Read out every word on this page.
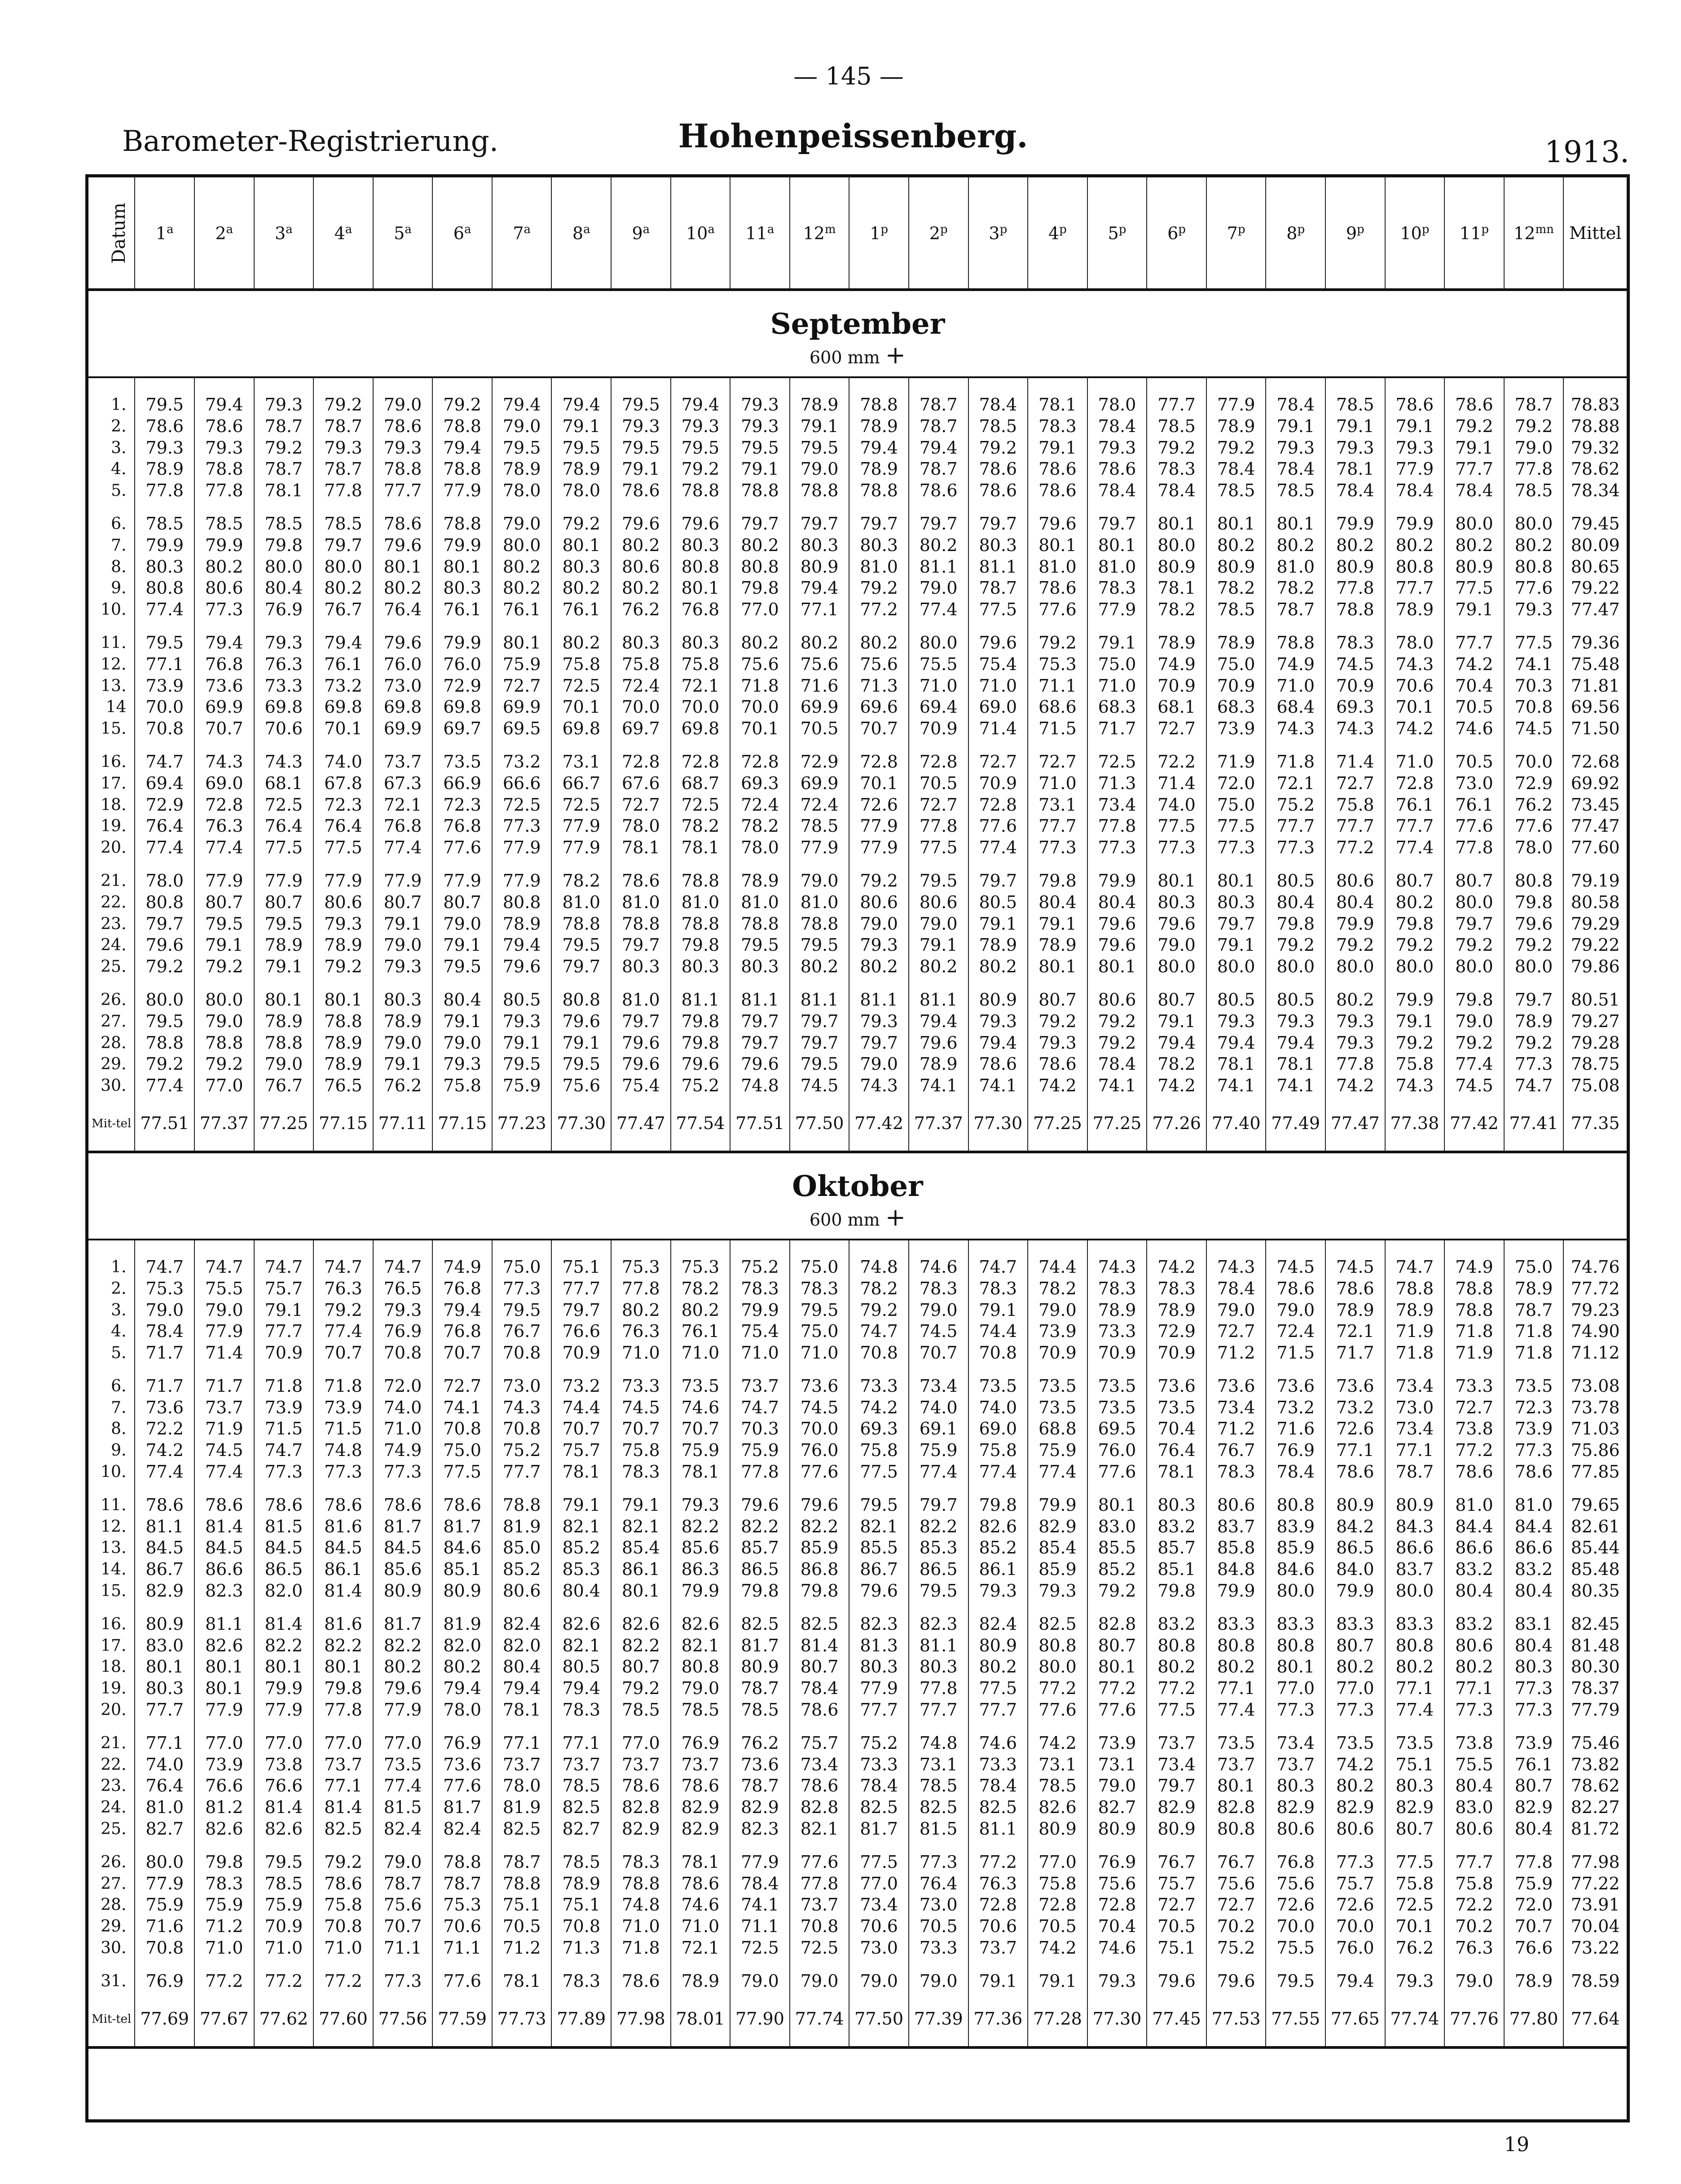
— 145 —
Barometer-Registrierung.	Hohenpeissenberg.	1913.
Datum	1$^a$	2$^a$	3$^a$	4$^a$	5$^a$	6$^a$	7$^a$	8$^a$	9$^a$	10$^a$	11$^a$	12$^m$	1$^p$	2$^p$	3$^p$	4$^p$	5$^p$	6$^p$	7$^p$	8$^p$	9$^p$	10$^p$	11$^p$	$12^{mn}$	Mittel

September
600 mm +																									

1.	79.5	79.4	79.3	79.2	79.0	79.2	79.4	79.4	79.5	79.4	79.3	78.9	78.8	78.7	78.4	78.1	78.0	77.7	77.9	78.4	78.5	78.6	78.6	78.7	78.83
2.	78.6	78.6	78.7	78.7	78.6	78.8	79.0	79.1	79.3	79.3	79.3	79.1	78.9	78.7	78.5	78.3	78.4	78.5	78.9	79.1	79.1	79.1	79.2	79.2	78.88
3.	79.3	79.3	79.2	79.3	79.3	79.4	79.5	79.5	79.5	79.5	79.5	79.5	79.4	79.4	79.2	79.1	79.3	79.2	79.2	79.3	79.3	79.3	79.1	79.0	79.32
4.	78.9	78.8	78.7	78.7	78.8	78.8	78.9	78.9	79.1	79.2	79.1	79.0	78.9	78.7	78.6	78.6	78.6	78.3	78.4	78.4	78.1	77.9	77.7	77.8	78.62
5.	77.8	77.8	78.1	77.8	77.7	77.9	78.0	78.0	78.6	78.8	78.8	78.8	78.8	78.6	78.6	78.6	78.4	78.4	78.5	78.5	78.4	78.4	78.4	78.5	78.34
6.	78.5	78.5	78.5	78.5	78.6	78.8	79.0	79.2	79.6	79.6	79.7	79.7	79.7	79.7	79.7	79.6	79.7	80.1	80.1	80.1	79.9	79.9	80.0	80.0	79.45
7.	79.9	79.9	79.8	79.7	79.6	79.9	80.0	80.1	80.2	80.3	80.2	80.3	80.3	80.2	80.3	80.1	80.1	80.0	80.2	80.2	80.2	80.2	80.2	80.2	80.09
8.	80.3	80.2	80.0	80.0	80.1	80.1	80.2	80.3	80.6	80.8	80.8	80.9	81.0	81.1	81.1	81.0	81.0	80.9	80.9	81.0	80.9	80.8	80.9	80.8	80.65
9.	80.8	80.6	80.4	80.2	80.2	80.3	80.2	80.2	80.2	80.1	79.8	79.4	79.2	79.0	78.7	78.6	78.3	78.1	78.2	78.2	77.8	77.7	77.5	77.6	79.22
10.	77.4	77.3	76.9	76.7	76.4	76.1	76.1	76.1	76.2	76.8	77.0	77.1	77.2	77.4	77.5	77.6	77.9	78.2	78.5	78.7	78.8	78.9	79.1	79.3	77.47
11.	79.5	79.4	79.3	79.4	79.6	79.9	80.1	80.2	80.3	80.3	80.2	80.2	80.2	80.0	79.6	79.2	79.1	78.9	78.9	78.8	78.3	78.0	77.7	77.5	79.36
12.	77.1	76.8	76.3	76.1	76.0	76.0	75.9	75.8	75.8	75.8	75.6	75.6	75.6	75.5	75.4	75.3	75.0	74.9	75.0	74.9	74.5	74.3	74.2	74.1	75.48
13.	73.9	73.6	73.3	73.2	73.0	72.9	72.7	72.5	72.4	72.1	71.8	71.6	71.3	71.0	71.0	71.1	71.0	70.9	70.9	71.0	70.9	70.6	70.4	70.3	71.81
14	70.0	69.9	69.8	69.8	69.8	69.8	69.9	70.1	70.0	70.0	70.0	69.9	69.6	69.4	69.0	68.6	68.3	68.1	68.3	68.4	69.3	70.1	70.5	70.8	69.56
15.	70.8	70.7	70.6	70.1	69.9	69.7	69.5	69.8	69.7	69.8	70.1	70.5	70.7	70.9	71.4	71.5	71.7	72.7	73.9	74.3	74.3	74.2	74.6	74.5	71.50
16.	74.7	74.3	74.3	74.0	73.7	73.5	73.2	73.1	72.8	72.8	72.8	72.9	72.8	72.8	72.7	72.7	72.5	72.2	71.9	71.8	71.4	71.0	70.5	70.0	72.68
17.	69.4	69.0	68.1	67.8	67.3	66.9	66.6	66.7	67.6	68.7	69.3	69.9	70.1	70.5	70.9	71.0	71.3	71.4	72.0	72.1	72.7	72.8	73.0	72.9	69.92
18.	72.9	72.8	72.5	72.3	72.1	72.3	72.5	72.5	72.7	72.5	72.4	72.4	72.6	72.7	72.8	73.1	73.4	74.0	75.0	75.2	75.8	76.1	76.1	76.2	73.45
19.	76.4	76.3	76.4	76.4	76.8	76.8	77.3	77.9	78.0	78.2	78.2	78.5	77.9	77.8	77.6	77.7	77.8	77.5	77.5	77.7	77.7	77.7	77.6	77.6	77.47
20.	77.4	77.4	77.5	77.5	77.4	77.6	77.9	77.9	78.1	78.1	78.0	77.9	77.9	77.5	77.4	77.3	77.3	77.3	77.3	77.3	77.2	77.4	77.8	78.0	77.60
21.	78.0	77.9	77.9	77.9	77.9	77.9	77.9	78.2	78.6	78.8	78.9	79.0	79.2	79.5	79.7	79.8	79.9	80.1	80.1	80.5	80.6	80.7	80.7	80.8	79.19
22.	80.8	80.7	80.7	80.6	80.7	80.7	80.8	81.0	81.0	81.0	81.0	81.0	80.6	80.6	80.5	80.4	80.4	80.3	80.3	80.4	80.4	80.2	80.0	79.8	80.58
23.	79.7	79.5	79.5	79.3	79.1	79.0	78.9	78.8	78.8	78.8	78.8	78.8	79.0	79.0	79.1	79.1	79.6	79.6	79.7	79.8	79.9	79.8	79.7	79.6	79.29
24.	79.6	79.1	78.9	78.9	79.0	79.1	79.4	79.5	79.7	79.8	79.5	79.5	79.3	79.1	78.9	78.9	79.6	79.0	79.1	79.2	79.2	79.2	79.2	79.2	79.22
25.	79.2	79.2	79.1	79.2	79.3	79.5	79.6	79.7	80.3	80.3	80.3	80.2	80.2	80.2	80.2	80.1	80.1	80.0	80.0	80.0	80.0	80.0	80.0	80.0	79.86
26.	80.0	80.0	80.1	80.1	80.3	80.4	80.5	80.8	81.0	81.1	81.1	81.1	81.1	81.1	80.9	80.7	80.6	80.7	80.5	80.5	80.2	79.9	79.8	79.7	80.51
27.	79.5	79.0	78.9	78.8	78.9	79.1	79.3	79.6	79.7	79.8	79.7	79.7	79.3	79.4	79.3	79.2	79.2	79.1	79.3	79.3	79.3	79.1	79.0	78.9	79.27
28.	78.8	78.8	78.8	78.9	79.0	79.0	79.1	79.1	79.6	79.8	79.7	79.7	79.7	79.6	79.4	79.3	79.2	79.4	79.4	79.4	79.3	79.2	79.2	79.2	79.28
29.	79.2	79.2	79.0	78.9	79.1	79.3	79.5	79.5	79.6	79.6	79.6	79.5	79.0	78.9	78.6	78.6	78.4	78.2	78.1	78.1	77.8	75.8	77.4	77.3	78.75
30.	77.4	77.0	76.7	76.5	76.2	75.8	75.9	75.6	75.4	75.2	74.8	74.5	74.3	74.1	74.1	74.2	74.1	74.2	74.1	74.1	74.2	74.3	74.5	74.7	75.08
Mit-tel	77.51	77.37	77.25	77.15	77.11	77.15	77.23	77.30	77.47	77.54	77.51	77.50	77.42	77.37	77.30	77.25	77.25	77.26	77.40	77.49	77.47	77.38	77.42	77.41	77.35

Oktober
600 mm +																									

1.	74.7	74.7	74.7	74.7	74.7	74.9	75.0	75.1	75.3	75.3	75.2	75.0	74.8	74.6	74.7	74.4	74.3	74.2	74.3	74.5	74.5	74.7	74.9	75.0	74.76
2.	75.3	75.5	75.7	76.3	76.5	76.8	77.3	77.7	77.8	78.2	78.3	78.3	78.2	78.3	78.3	78.2	78.3	78.3	78.4	78.6	78.6	78.8	78.8	78.9	77.72
3.	79.0	79.0	79.1	79.2	79.3	79.4	79.5	79.7	80.2	80.2	79.9	79.5	79.2	79.0	79.1	79.0	78.9	78.9	79.0	79.0	78.9	78.9	78.8	78.7	79.23
4.	78.4	77.9	77.7	77.4	76.9	76.8	76.7	76.6	76.3	76.1	75.4	75.0	74.7	74.5	74.4	73.9	73.3	72.9	72.7	72.4	72.1	71.9	71.8	71.8	74.90
5.	71.7	71.4	70.9	70.7	70.8	70.7	70.8	70.9	71.0	71.0	71.0	71.0	70.8	70.7	70.8	70.9	70.9	70.9	71.2	71.5	71.7	71.8	71.9	71.8	71.12
6.	71.7	71.7	71.8	71.8	72.0	72.7	73.0	73.2	73.3	73.5	73.7	73.6	73.3	73.4	73.5	73.5	73.5	73.6	73.6	73.6	73.6	73.4	73.3	73.5	73.08
7.	73.6	73.7	73.9	73.9	74.0	74.1	74.3	74.4	74.5	74.6	74.7	74.5	74.2	74.0	74.0	73.5	73.5	73.5	73.4	73.2	73.2	73.0	72.7	72.3	73.78
8.	72.2	71.9	71.5	71.5	71.0	70.8	70.8	70.7	70.7	70.7	70.3	70.0	69.3	69.1	69.0	68.8	69.5	70.4	71.2	71.6	72.6	73.4	73.8	73.9	71.03
9.	74.2	74.5	74.7	74.8	74.9	75.0	75.2	75.7	75.8	75.9	75.9	76.0	75.8	75.9	75.8	75.9	76.0	76.4	76.7	76.9	77.1	77.1	77.2	77.3	75.86
10.	77.4	77.4	77.3	77.3	77.3	77.5	77.7	78.1	78.3	78.1	77.8	77.6	77.5	77.4	77.4	77.4	77.6	78.1	78.3	78.4	78.6	78.7	78.6	78.6	77.85
11.	78.6	78.6	78.6	78.6	78.6	78.6	78.8	79.1	79.1	79.3	79.6	79.6	79.5	79.7	79.8	79.9	80.1	80.3	80.6	80.8	80.9	80.9	81.0	81.0	79.65
12.	81.1	81.4	81.5	81.6	81.7	81.7	81.9	82.1	82.1	82.2	82.2	82.2	82.1	82.2	82.6	82.9	83.0	83.2	83.7	83.9	84.2	84.3	84.4	84.4	82.61
13.	84.5	84.5	84.5	84.5	84.5	84.6	85.0	85.2	85.4	85.6	85.7	85.9	85.5	85.3	85.2	85.4	85.5	85.7	85.8	85.9	86.5	86.6	86.6	86.6	85.44
14.	86.7	86.6	86.5	86.1	85.6	85.1	85.2	85.3	86.1	86.3	86.5	86.8	86.7	86.5	86.1	85.9	85.2	85.1	84.8	84.6	84.0	83.7	83.2	83.2	85.48
15.	82.9	82.3	82.0	81.4	80.9	80.9	80.6	80.4	80.1	79.9	79.8	79.8	79.6	79.5	79.3	79.3	79.2	79.8	79.9	80.0	79.9	80.0	80.4	80.4	80.35
16.	80.9	81.1	81.4	81.6	81.7	81.9	82.4	82.6	82.6	82.6	82.5	82.5	82.3	82.3	82.4	82.5	82.8	83.2	83.3	83.3	83.3	83.3	83.2	83.1	82.45
17.	83.0	82.6	82.2	82.2	82.2	82.0	82.0	82.1	82.2	82.1	81.7	81.4	81.3	81.1	80.9	80.8	80.7	80.8	80.8	80.8	80.7	80.8	80.6	80.4	81.48
18.	80.1	80.1	80.1	80.1	80.2	80.2	80.4	80.5	80.7	80.8	80.9	80.7	80.3	80.3	80.2	80.0	80.1	80.2	80.2	80.1	80.2	80.2	80.2	80.3	80.30
19.	80.3	80.1	79.9	79.8	79.6	79.4	79.4	79.4	79.2	79.0	78.7	78.4	77.9	77.8	77.5	77.2	77.2	77.2	77.1	77.0	77.0	77.1	77.1	77.3	78.37
20.	77.7	77.9	77.9	77.8	77.9	78.0	78.1	78.3	78.5	78.5	78.5	78.6	77.7	77.7	77.7	77.6	77.6	77.5	77.4	77.3	77.3	77.4	77.3	77.3	77.79
21.	77.1	77.0	77.0	77.0	77.0	76.9	77.1	77.1	77.0	76.9	76.2	75.7	75.2	74.8	74.6	74.2	73.9	73.7	73.5	73.4	73.5	73.5	73.8	73.9	75.46
22.	74.0	73.9	73.8	73.7	73.5	73.6	73.7	73.7	73.7	73.7	73.6	73.4	73.3	73.1	73.3	73.1	73.1	73.4	73.7	73.7	74.2	75.1	75.5	76.1	73.82
23.	76.4	76.6	76.6	77.1	77.4	77.6	78.0	78.5	78.6	78.6	78.7	78.6	78.4	78.5	78.4	78.5	79.0	79.7	80.1	80.3	80.2	80.3	80.4	80.7	78.62
24.	81.0	81.2	81.4	81.4	81.5	81.7	81.9	82.5	82.8	82.9	82.9	82.8	82.5	82.5	82.5	82.6	82.7	82.9	82.8	82.9	82.9	82.9	83.0	82.9	82.27
25.	82.7	82.6	82.6	82.5	82.4	82.4	82.5	82.7	82.9	82.9	82.3	82.1	81.7	81.5	81.1	80.9	80.9	80.9	80.8	80.6	80.6	80.7	80.6	80.4	81.72
26.	80.0	79.8	79.5	79.2	79.0	78.8	78.7	78.5	78.3	78.1	77.9	77.6	77.5	77.3	77.2	77.0	76.9	76.7	76.7	76.8	77.3	77.5	77.7	77.8	77.98
27.	77.9	78.3	78.5	78.6	78.7	78.7	78.8	78.9	78.8	78.6	78.4	77.8	77.0	76.4	76.3	75.8	75.6	75.7	75.6	75.6	75.7	75.8	75.8	75.9	77.22
28.	75.9	75.9	75.9	75.8	75.6	75.3	75.1	75.1	74.8	74.6	74.1	73.7	73.4	73.0	72.8	72.8	72.8	72.7	72.7	72.6	72.6	72.5	72.2	72.0	73.91
29.	71.6	71.2	70.9	70.8	70.7	70.6	70.5	70.8	71.0	71.0	71.1	70.8	70.6	70.5	70.6	70.5	70.4	70.5	70.2	70.0	70.0	70.1	70.2	70.7	70.04
30.	70.8	71.0	71.0	71.0	71.1	71.1	71.2	71.3	71.8	72.1	72.5	72.5	73.0	73.3	73.7	74.2	74.6	75.1	75.2	75.5	76.0	76.2	76.3	76.6	73.22
31.	76.9	77.2	77.2	77.2	77.3	77.6	78.1	78.3	78.6	78.9	79.0	79.0	79.0	79.0	79.1	79.1	79.3	79.6	79.6	79.5	79.4	79.3	79.0	78.9	78.59
Mit-tel	77.69	77.67	77.62	77.60	77.56	77.59	77.73	77.89	77.98	78.01	77.90	77.74	77.50	77.39	77.36	77.28	77.30	77.45	77.53	77.55	77.65	77.74	77.76	77.80	77.64
19
